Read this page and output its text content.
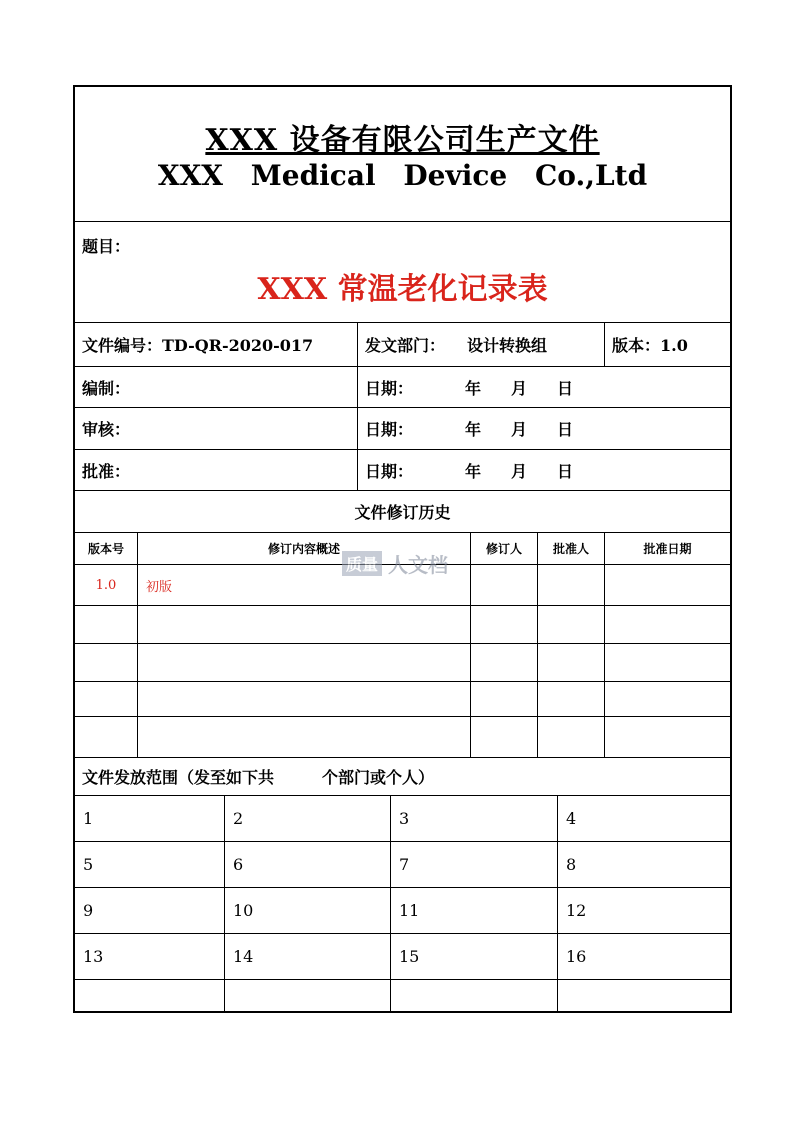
XXX 设备有限公司生产文件
XXX Medical Device Co.,Ltd
题目：
XXX 常温老化记录表
文件编号：TD-QR-2020-017	发文部门： 设计转换组	版本：1.0
编制：	日期：	年 月 日
审核：	日期：	年 月 日
批准：	日期：	年 月 日
文件修订历史
版本号	修订内容概述	修订人	批准人	批准日期
1.0	初版
文件发放范围（发至如下共　　　个部门或个人）
1	2	3	4
5	6	7	8
9	10	11	12
13	14	15	16
质量 人文档
